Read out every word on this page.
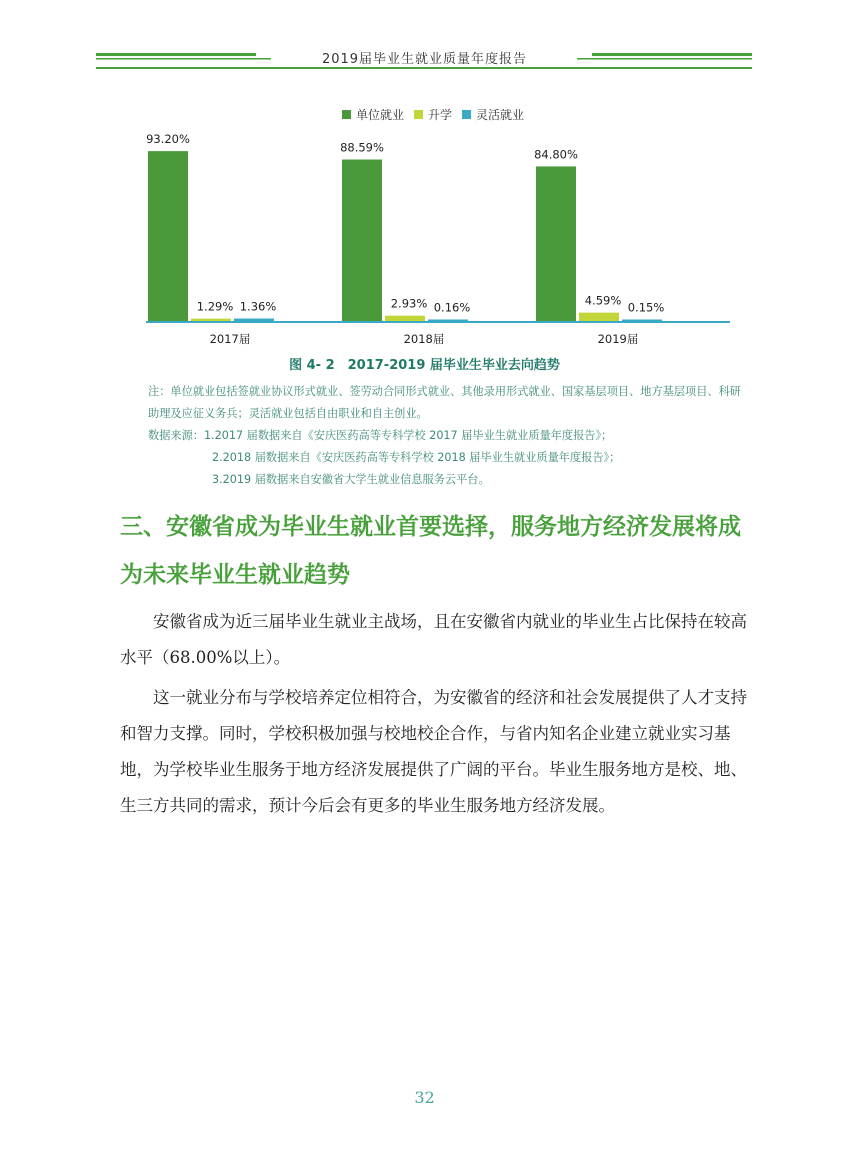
2019届毕业生就业质量年度报告
单位就业 升学 灵活就业
93.20%
1.29% 1.36%
2017届
88.59%
2.93% 0.16%
2018届
84.80%
4.59% 0.15%
2019届
图 4- 2　2017-2019 届毕业生毕业去向趋势
注：单位就业包括签就业协议形式就业、签劳动合同形式就业、其他录用形式就业、国家基层项目、地方基层项目、科研助理及应征义务兵；灵活就业包括自由职业和自主创业。
数据来源：1.2017 届数据来自《安庆医药高等专科学校 2017 届毕业生就业质量年度报告》；
2.2018 届数据来自《安庆医药高等专科学校 2018 届毕业生就业质量年度报告》；
3.2019 届数据来自安徽省大学生就业信息服务云平台。
三、安徽省成为毕业生就业首要选择，服务地方经济发展将成为未来毕业生就业趋势
安徽省成为近三届毕业生就业主战场，且在安徽省内就业的毕业生占比保持在较高水平（68.00%以上）。
这一就业分布与学校培养定位相符合，为安徽省的经济和社会发展提供了人才支持和智力支撑。同时，学校积极加强与校地校企合作，与省内知名企业建立就业实习基地，为学校毕业生服务于地方经济发展提供了广阔的平台。毕业生服务地方是校、地、生三方共同的需求，预计今后会有更多的毕业生服务地方经济发展。
32
